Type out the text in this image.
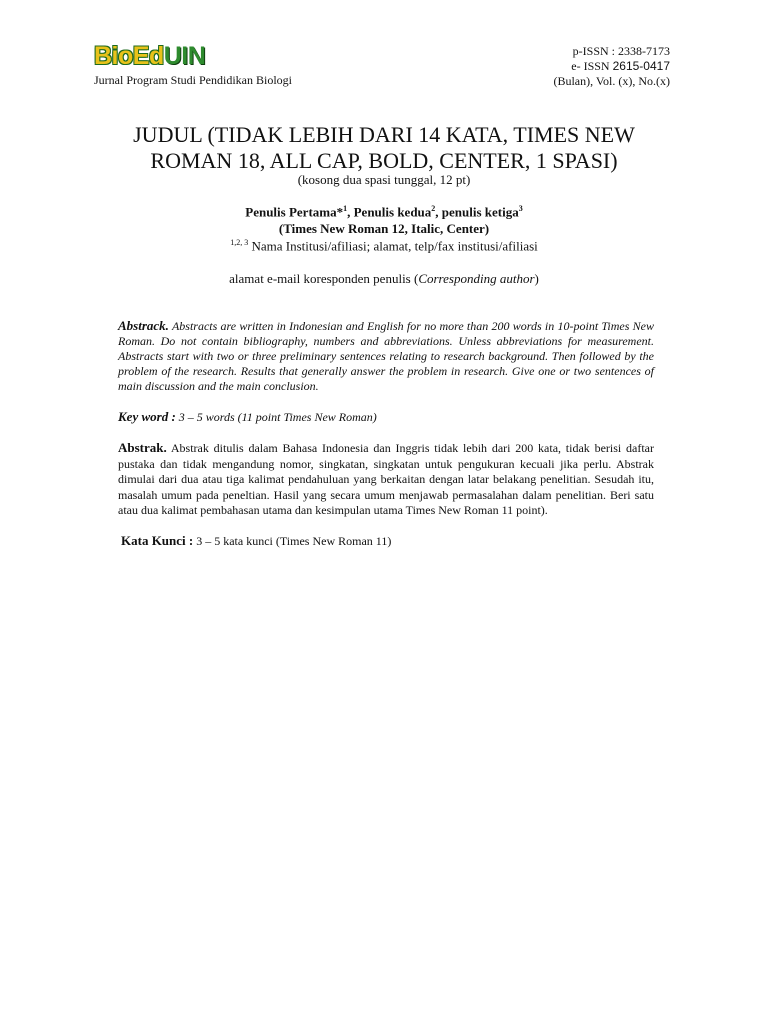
BioEdUIN
Jurnal Program Studi Pendidikan Biologi
p-ISSN : 2338-7173
e- ISSN 2615-0417
(Bulan), Vol. (x), No.(x)
JUDUL (TIDAK LEBIH DARI 14 KATA, TIMES NEW
ROMAN 18, ALL CAP, BOLD, CENTER, 1 SPASI)
(kosong dua spasi tunggal, 12 pt)
Penulis Pertama*$^1$, Penulis kedua$^2$, penulis ketiga$^3$
(Times New Roman 12, Italic, Center)
$^{1,2, 3}$ Nama Institusi/afiliasi; alamat, telp/fax institusi/afiliasi
alamat e-mail koresponden penulis (Corresponding author)
Abstrack. Abstracts are written in Indonesian and English for no more than 200 words in 10-point Times New Roman. Do not contain bibliography, numbers and abbreviations. Unless abbreviations for measurement. Abstracts start with two or three preliminary sentences relating to research background. Then followed by the problem of the research. Results that generally answer the problem in research. Give one or two sentences of main discussion and the main conclusion.
Key word : 3 – 5 words (11 point Times New Roman)
Abstrak. Abstrak ditulis dalam Bahasa Indonesia dan Inggris tidak lebih dari 200 kata, tidak berisi daftar pustaka dan tidak mengandung nomor, singkatan, singkatan untuk pengukuran kecuali jika perlu. Abstrak dimulai dari dua atau tiga kalimat pendahuluan yang berkaitan dengan latar belakang penelitian. Sesudah itu, masalah umum pada peneltian. Hasil yang secara umum menjawab permasalahan dalam penelitian. Beri satu atau dua kalimat pembahasan utama dan kesimpulan utama Times New Roman 11 point).
Kata Kunci : 3 – 5 kata kunci (Times New Roman 11)
